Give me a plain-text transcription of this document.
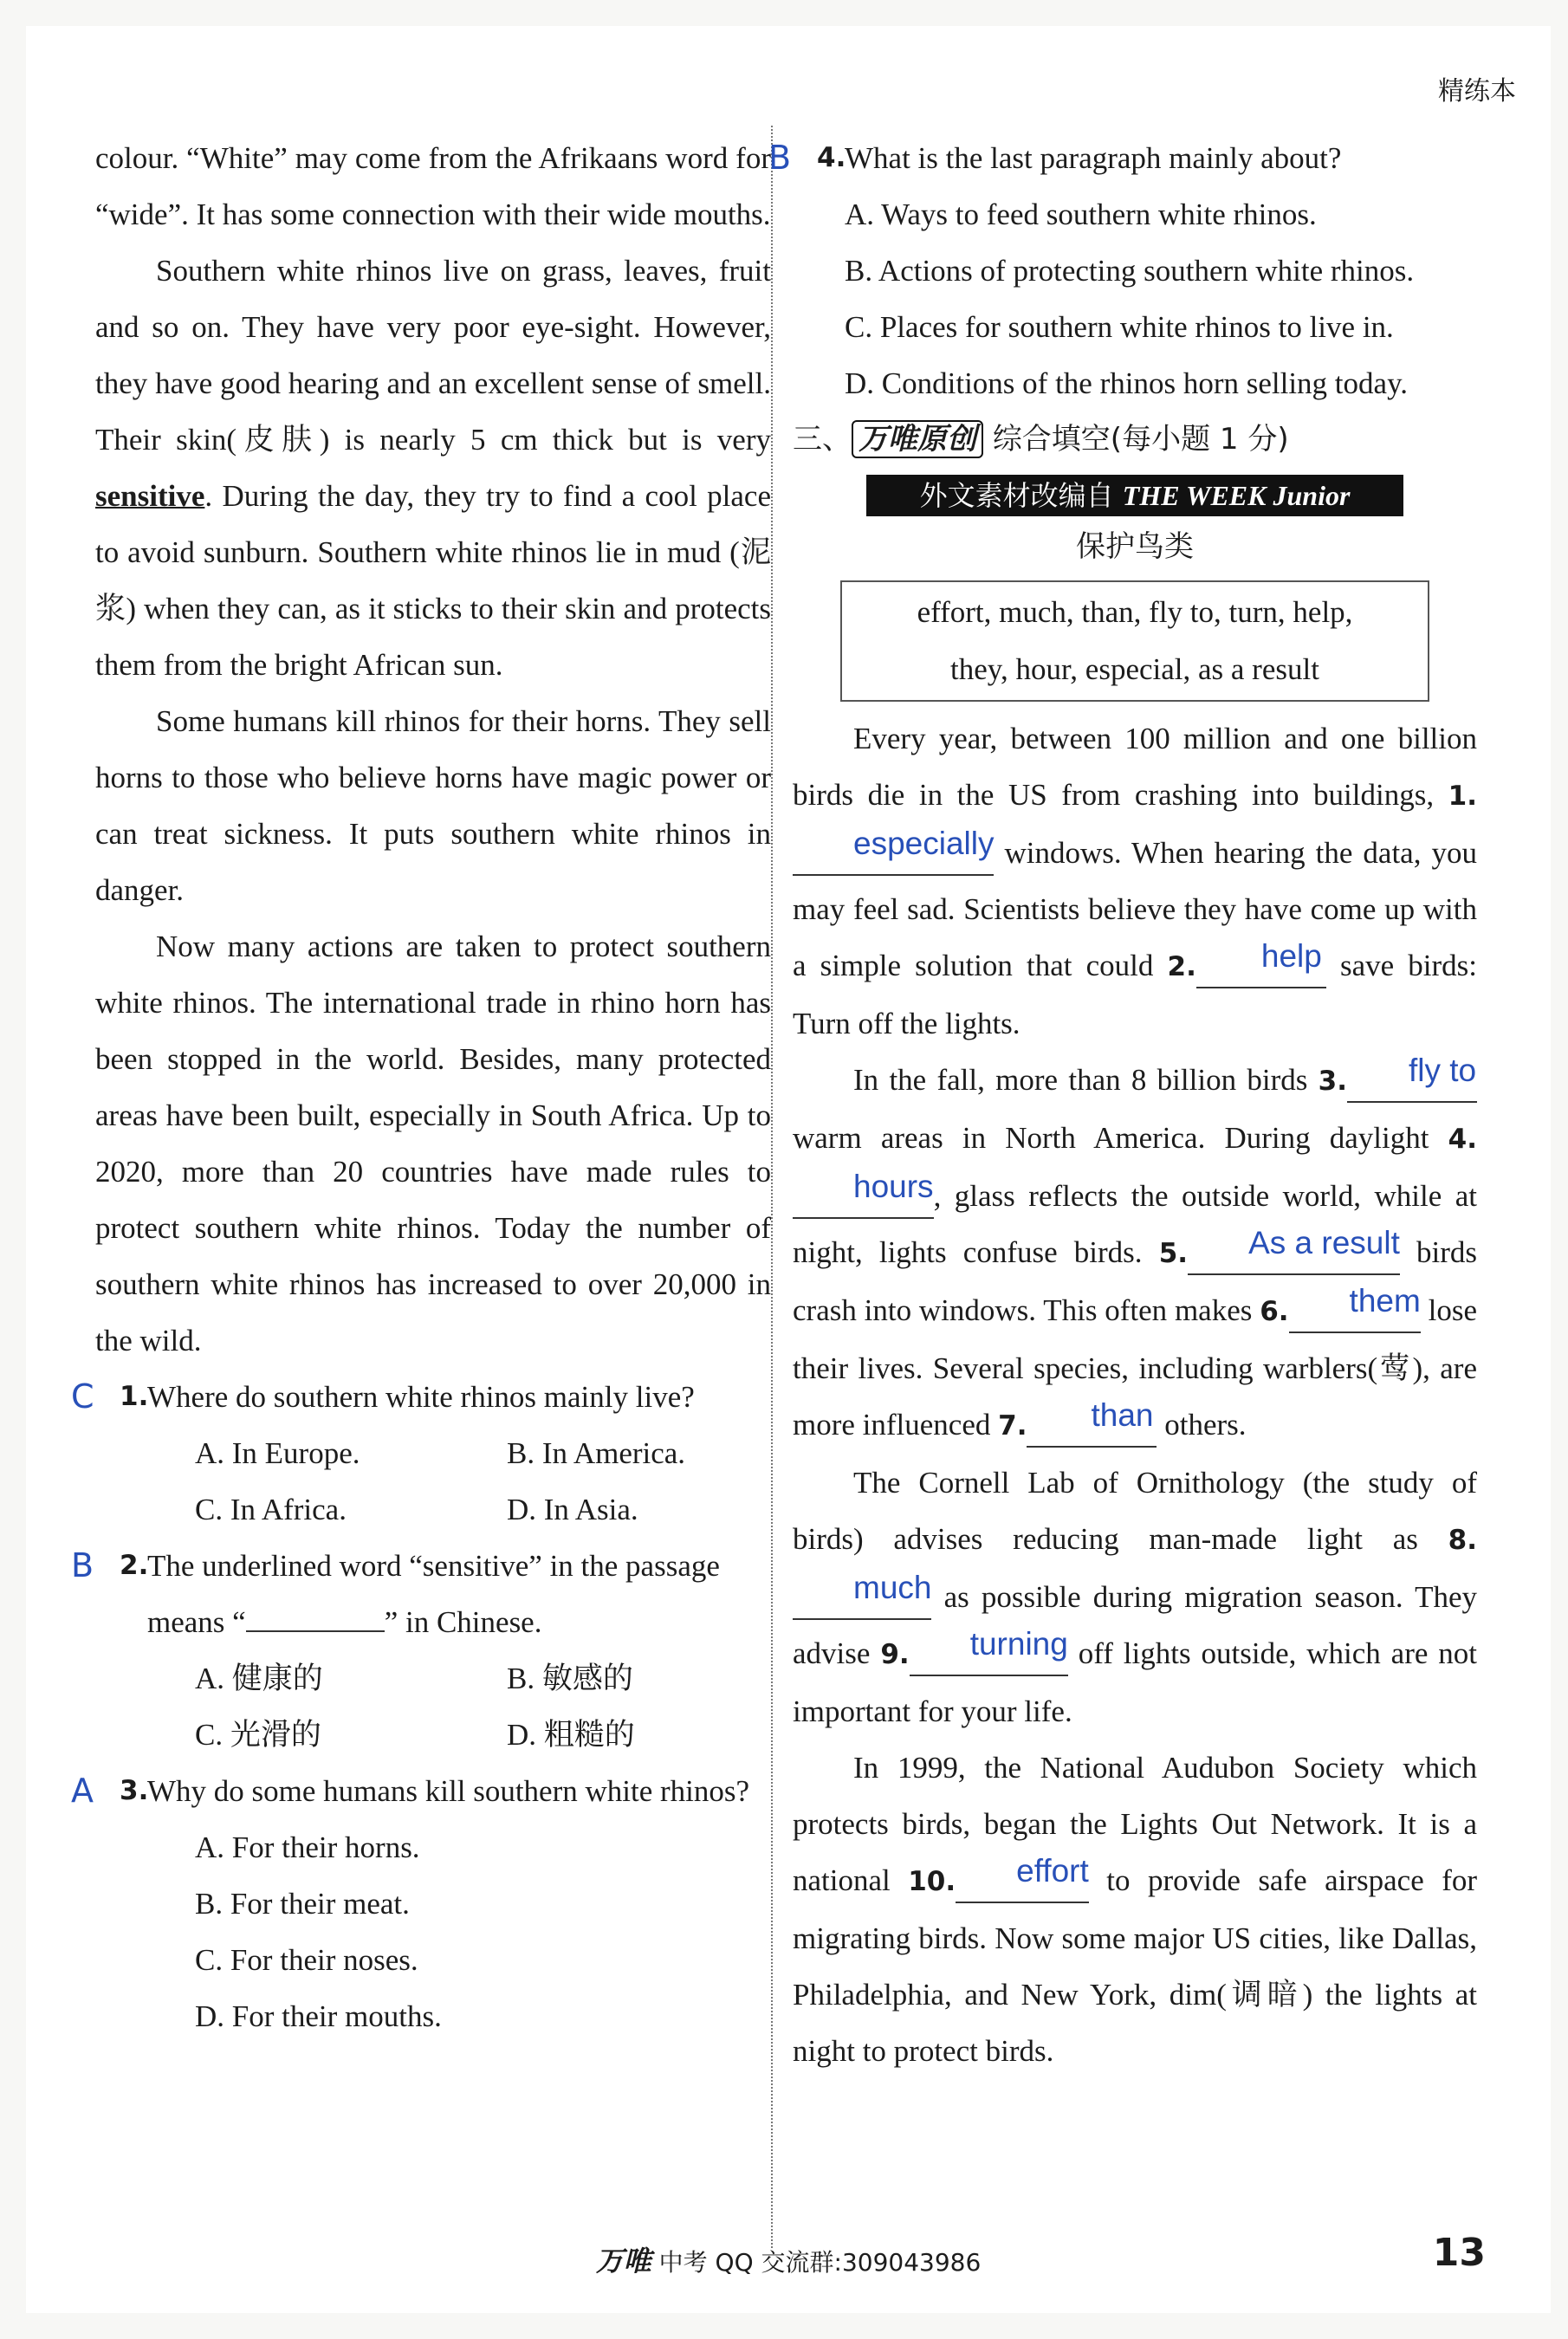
精练本

colour. “White” may come from the Afrikaans word for “wide”. It has some connection with their wide mouths.

Southern white rhinos live on grass, leaves, fruit and so on. They have very poor eye-sight. However, they have good hearing and an excellent sense of smell. Their skin(皮肤) is nearly 5 cm thick but is very sensitive. During the day, they try to find a cool place to avoid sunburn. Southern white rhinos lie in mud (泥浆) when they can, as it sticks to their skin and protects them from the bright African sun.

Some humans kill rhinos for their horns. They sell horns to those who believe horns have magic power or can treat sickness. It puts southern white rhinos in danger.

Now many actions are taken to protect southern white rhinos. The international trade in rhino horn has been stopped in the world. Besides, many protected areas have been built, especially in South Africa. Up to 2020, more than 20 countries have made rules to protect southern white rhinos. Today the number of southern white rhinos has increased to over 20,000 in the wild.

C 1.
Where do southern white rhinos mainly live?
A. In Europe.	B. In America.
C. In Africa.	D. In Asia.
B 2.
The underlined word “sensitive” in the passage means “	” in Chinese.
A. 健康的	B. 敏感的
C. 光滑的	D. 粗糙的
A 3.
Why do some humans kill southern white rhinos?
A. For their horns.
B. For their meat.
C. For their noses.
D. For their mouths.
B 4.
What is the last paragraph mainly about?
A. Ways to feed southern white rhinos.
B. Actions of protecting southern white rhinos.
C. Places for southern white rhinos to live in.
D. Conditions of the rhinos horn selling today.
三、 万唯原创 综合填空(每小题 1 分)
外文素材改编自 THE WEEK Junior
保护鸟类
effort, much, than, fly to, turn, help,
they, hour, especial, as a result

Every year, between 100 million and one billion birds die in the US from crashing into buildings, 1.especially windows. When hearing the data, you may feel sad. Scientists believe they have come up with a simple solution that could 2. help save birds: Turn off the lights.

In the fall, more than 8 billion birds 3. fly to warm areas in North America. During daylight 4.hours, glass reflects the outside world, while at night, lights confuse birds. 5. As a result birds crash into windows. This often makes 6. them lose their lives. Several species, including warblers(莺), are more influenced 7. than others.

The Cornell Lab of Ornithology (the study of birds) advises reducing man-made light as 8.much as possible during migration season. They advise 9. turning off lights outside, which are not important for your life.

In 1999, the National Audubon Society which protects birds, began the Lights Out Network. It is a national 10. effort to provide safe airspace for migrating birds. Now some major US cities, like Dallas, Philadelphia, and New York, dim(调暗) the lights at night to protect birds.

万唯 中考 QQ 交流群:309043986	13
